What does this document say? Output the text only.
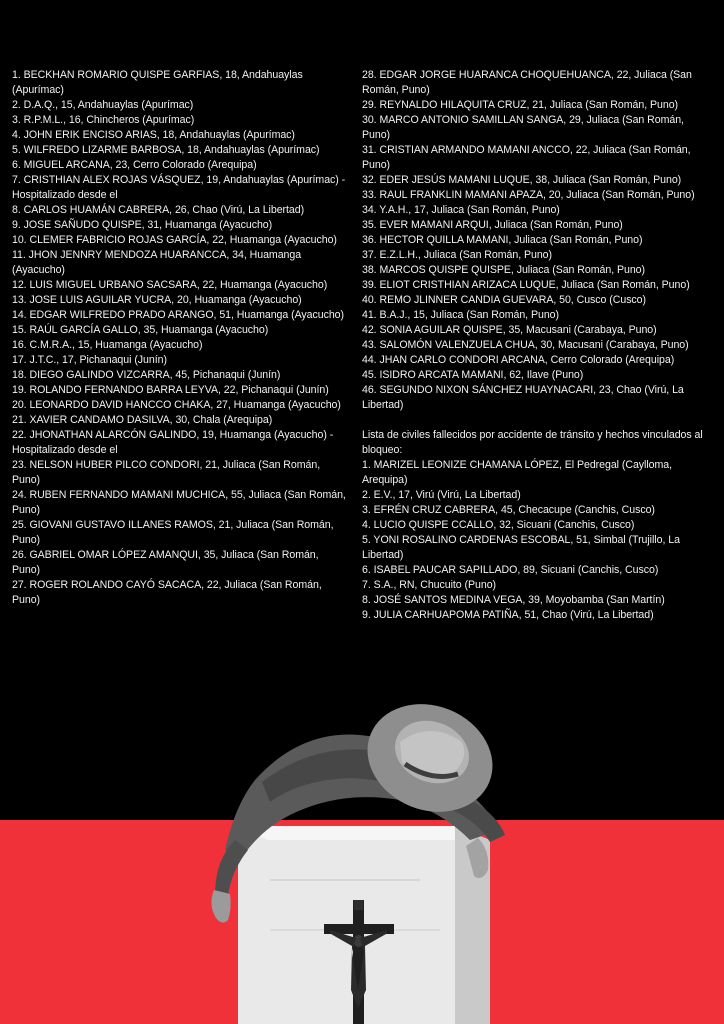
1. BECKHAN ROMARIO QUISPE GARFIAS, 18, Andahuaylas (Apurímac)
2. D.A.Q., 15, Andahuaylas (Apurímac)
3. R.P.M.L., 16, Chincheros (Apurímac)
4. JOHN ERIK ENCISO ARIAS, 18, Andahuaylas (Apurímac)
5. WILFREDO LIZARME BARBOSA, 18, Andahuaylas (Apurímac)
6. MIGUEL ARCANA, 23, Cerro Colorado (Arequipa)
7. CRISTHIAN ALEX ROJAS VÁSQUEZ, 19, Andahuaylas (Apurímac) - Hospitalizado desde el
8. CARLOS HUAMÁN CABRERA, 26, Chao (Virú, La Libertad)
9. JOSE SAÑUDO QUISPE, 31, Huamanga (Ayacucho)
10. CLEMER FABRICIO ROJAS GARCÍA, 22, Huamanga (Ayacucho)
11. JHON JENNRY MENDOZA HUARANCCA, 34, Huamanga (Ayacucho)
12. LUIS MIGUEL URBANO SACSARA, 22, Huamanga (Ayacucho)
13. JOSE LUIS AGUILAR YUCRA, 20, Huamanga (Ayacucho)
14. EDGAR WILFREDO PRADO ARANGO, 51, Huamanga (Ayacucho)
15. RAÚL GARCÍA GALLO, 35, Huamanga (Ayacucho)
16. C.M.R.A., 15, Huamanga (Ayacucho)
17. J.T.C., 17, Pichanaqui (Junín)
18. DIEGO GALINDO VIZCARRA, 45, Pichanaqui (Junín)
19. ROLANDO FERNANDO BARRA LEYVA, 22, Pichanaqui (Junín)
20. LEONARDO DAVID HANCCO CHAKA, 27, Huamanga (Ayacucho)
21. XAVIER CANDAMO DASILVA, 30, Chala (Arequipa)
22. JHONATHAN ALARCÓN GALINDO, 19, Huamanga (Ayacucho) - Hospitalizado desde el
23. NELSON HUBER PILCO CONDORI, 21, Juliaca (San Román, Puno)
24. RUBEN FERNANDO MAMANI MUCHICA, 55, Juliaca (San Román, Puno)
25. GIOVANI GUSTAVO ILLANES RAMOS, 21, Juliaca (San Román, Puno)
26. GABRIEL OMAR LÓPEZ AMANQUI, 35, Juliaca (San Román, Puno)
27. ROGER ROLANDO CAYÓ SACACA, 22, Juliaca (San Román, Puno)
28. EDGAR JORGE HUARANCA CHOQUEHUANCA, 22, Juliaca (San Román, Puno)
29. REYNALDO HILAQUITA CRUZ, 21, Juliaca (San Román, Puno)
30. MARCO ANTONIO SAMILLAN SANGA, 29, Juliaca (San Román, Puno)
31. CRISTIAN ARMANDO MAMANI ANCCO, 22, Juliaca (San Román, Puno)
32. EDER JESÚS MAMANI LUQUE, 38, Juliaca (San Román, Puno)
33. RAUL FRANKLIN MAMANI APAZA, 20, Juliaca (San Román, Puno)
34. Y.A.H., 17, Juliaca (San Román, Puno)
35. EVER MAMANI ARQUI, Juliaca (San Román, Puno)
36. HECTOR QUILLA MAMANI, Juliaca (San Román, Puno)
37. E.Z.L.H., Juliaca (San Román, Puno)
38. MARCOS QUISPE QUISPE, Juliaca (San Román, Puno)
39. ELIOT CRISTHIAN ARIZACA LUQUE, Juliaca (San Román, Puno)
40. REMO JLINNER CANDIA GUEVARA, 50, Cusco (Cusco)
41. B.A.J., 15, Juliaca (San Román, Puno)
42. SONIA AGUILAR QUISPE, 35, Macusani (Carabaya, Puno)
43. SALOMÓN VALENZUELA CHUA, 30, Macusani (Carabaya, Puno)
44. JHAN CARLO CONDORI ARCANA, Cerro Colorado (Arequipa)
45. ISIDRO ARCATA MAMANI, 62, Ilave (Puno)
46. SEGUNDO NIXON SÁNCHEZ HUAYNACARI, 23, Chao (Virú, La Libertad)
Lista de civiles fallecidos por accidente de tránsito y hechos vinculados al bloqueo:
1. MARIZEL LEONIZE CHAMANA LÓPEZ, El Pedregal (Caylloma, Arequipa)
2. E.V., 17, Virú (Virú, La Libertad)
3. EFRÉN CRUZ CABRERA, 45, Checacupe (Canchis, Cusco)
4. LUCIO QUISPE CCALLO, 32, Sicuani (Canchis, Cusco)
5. YONI ROSALINO CARDENAS ESCOBAL, 51, Simbal (Trujillo, La Libertad)
6. ISABEL PAUCAR SAPILLADO, 89, Sicuani (Canchis, Cusco)
7. S.A., RN, Chucuito (Puno)
8. JOSÉ SANTOS MEDINA VEGA, 39, Moyobamba (San Martín)
9. JULIA CARHUAPOMA PATIÑA, 51, Chao (Virú, La Libertad)
